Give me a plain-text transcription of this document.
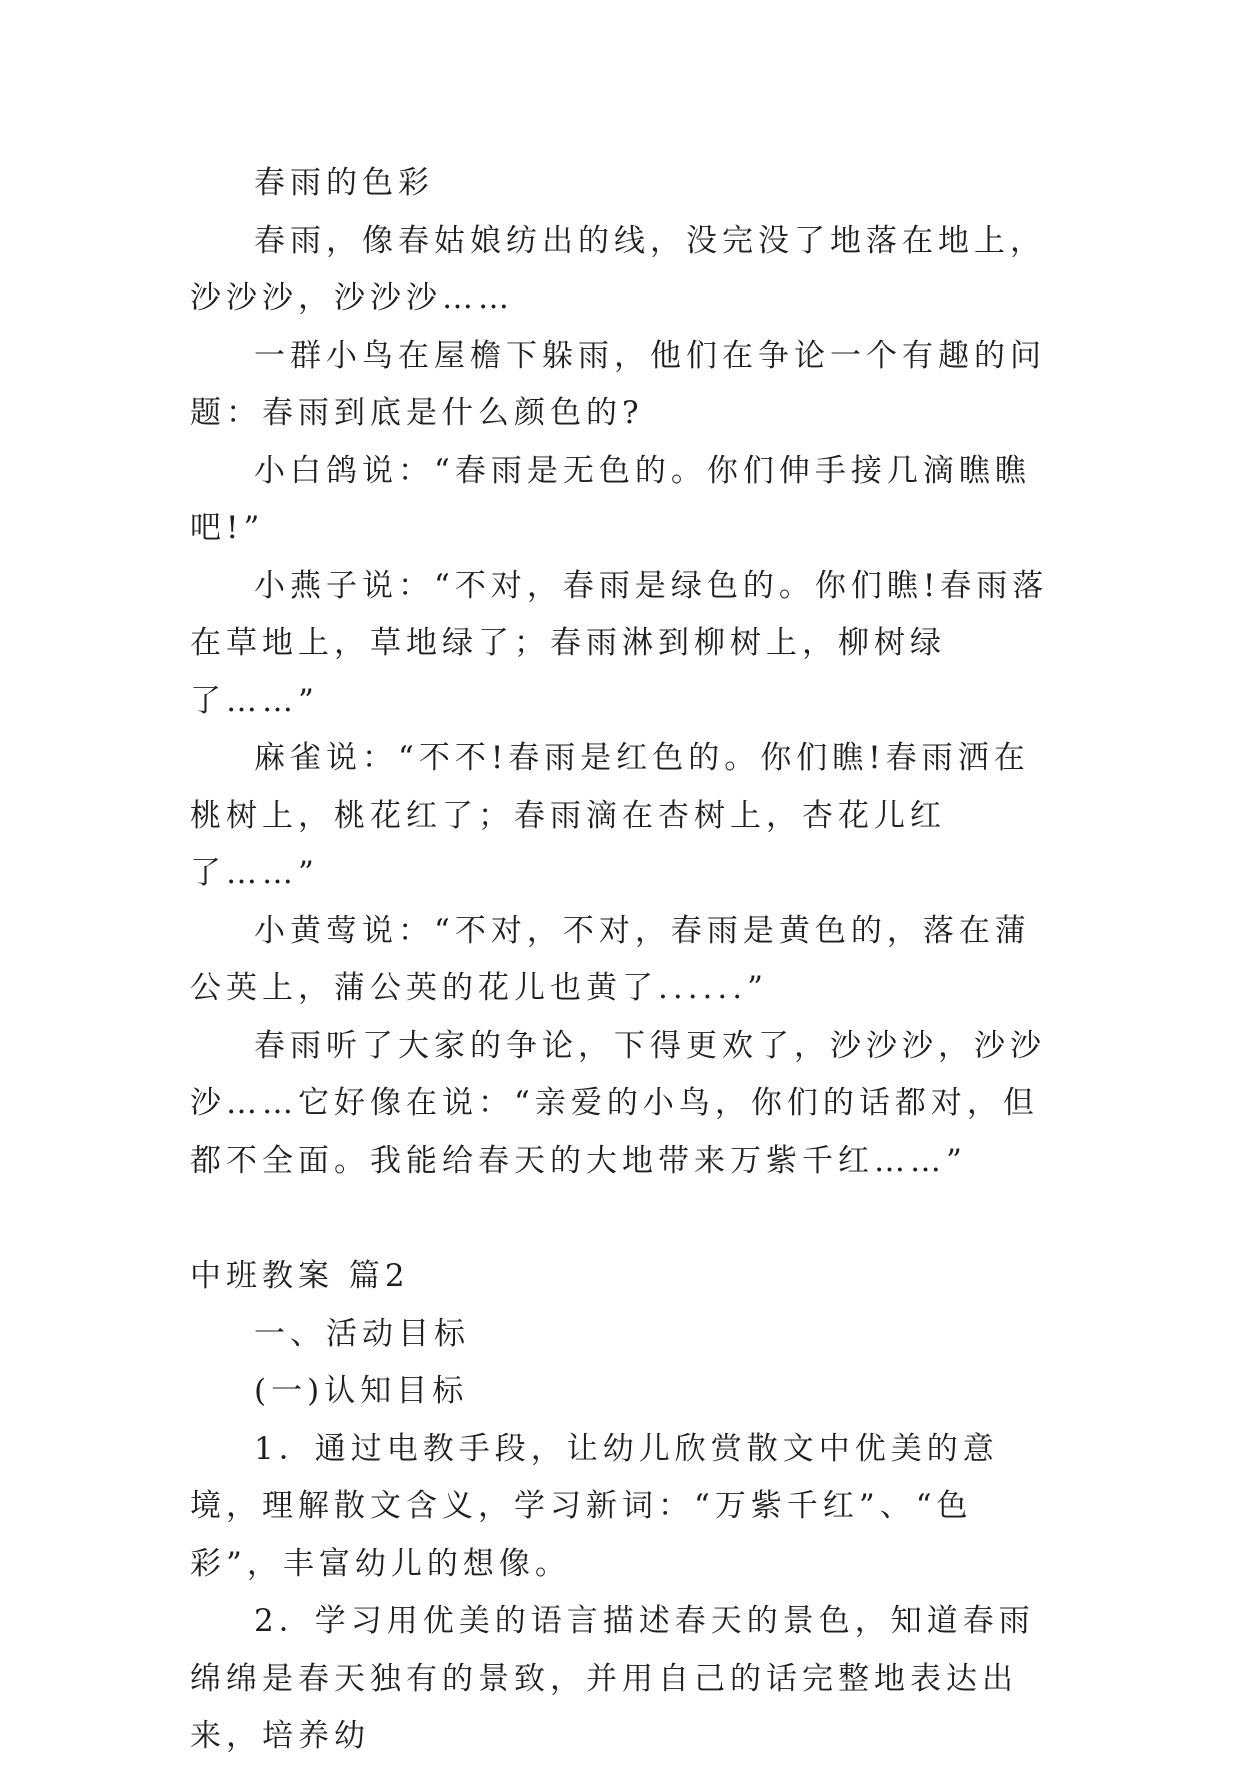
春雨的色彩

春雨，像春姑娘纺出的线，没完没了地落在地上，沙沙沙，沙沙沙……

一群小鸟在屋檐下躲雨，他们在争论一个有趣的问题：春雨到底是什么颜色的?

小白鸽说：“春雨是无色的。你们伸手接几滴瞧瞧吧!”

小燕子说：“不对，春雨是绿色的。你们瞧!春雨落在草地上，草地绿了；春雨淋到柳树上，柳树绿了……”

麻雀说：“不不!春雨是红色的。你们瞧!春雨洒在桃树上，桃花红了；春雨滴在杏树上，杏花儿红了……”

小黄莺说：“不对，不对，春雨是黄色的，落在蒲公英上，蒲公英的花儿也黄了......”

春雨听了大家的争论，下得更欢了，沙沙沙，沙沙沙……它好像在说：“亲爱的小鸟，你们的话都对，但都不全面。我能给春天的大地带来万紫千红……”

中班教案 篇2

一、活动目标

(一)认知目标

1．通过电教手段，让幼儿欣赏散文中优美的意境，理解散文含义，学习新词：“万紫千红”、“色彩”，丰富幼儿的想像。

2．学习用优美的语言描述春天的景色，知道春雨绵绵是春天独有的景致，并用自己的话完整地表达出来，培养幼
